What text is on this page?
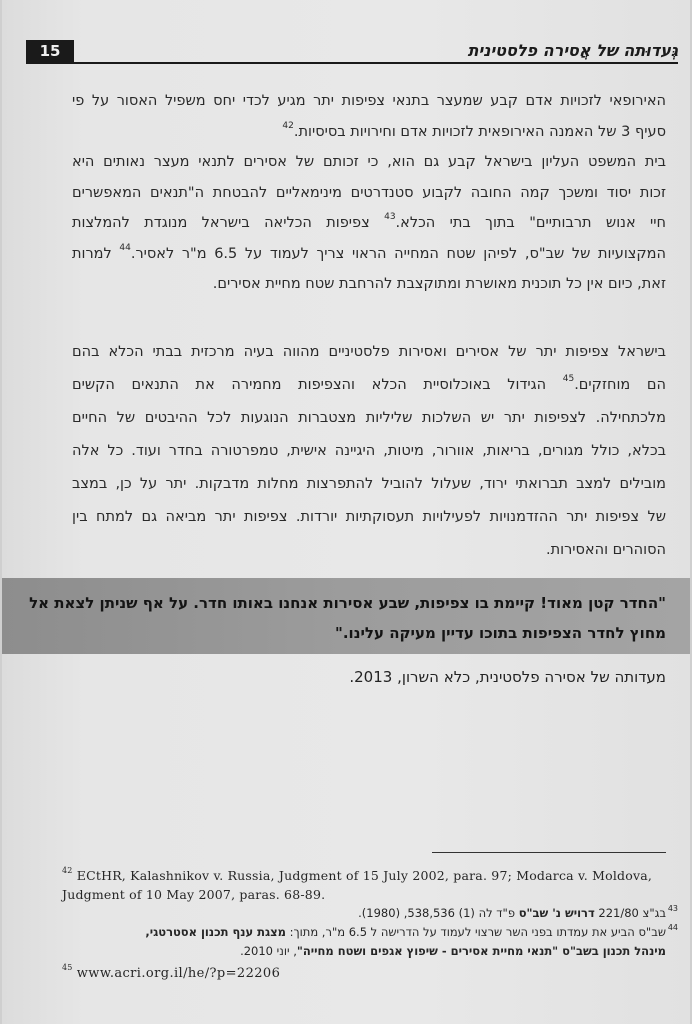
15	גְּעדוּתה של אֲסירה פלסטינית
האירופאי לזכויות אדם קבע שמעצר בתנאי צפיפות יתר מגיע לכדי יחס משפיל האסור על פי
סעיף 3 של האמנה האירופאית לזכויות אדם וחירויות בסיסיות.$^{42}$
בית המשפט העליון בישראל קבע גם הוא, כי זכותם של אסירים לתנאי מעצר נאותים היא
זכות יסוד ומשכך קמה החובה לקבוע סטנדרטים מינימאליים להבטחת ה"תנאים המאפשרים
חיי אנוש תרבותיים" בתוך בתי הכלא.$^{43}$ צפיפות הכליאה בישראל מנוגדת להמלצות
המקצועיות של שב"ס, לפיהן שטח המחייה הראוי צריך לעמוד על 6.5 מ"ר לאסיר.$^{44}$ למרות
זאת, כיום אין כל תוכנית מאושרת ומתוקצבת להרחבת שטח מחיית אסירים.
בישראל צפיפות יתר של אסירים ואסירות פלסטיניים מהווה בעיה מרכזית בבתי הכלא בהם
הם מוחזקים.$^{45}$ הגידול באוכלוסיית הכלא והצפיפות מחמירה את התנאים הקשים
מלכתחילה. לצפיפות יתר יש השלכות שליליות מצטברות הנוגעות לכל ההיבטים של החיים
בכלא, כולל מגורים, בריאות, אוורור, מיטות, היגיינה אישית, טמפרטורה בחדר ועוד. כל אלה
מובילים למצב תברואתי ירוד, שעלול להוביל להתפרצות מחלות מדבקות. יתר על כן, במצב
של צפיפות יתר ההזדמנויות לפעילויות תעסוקתיות יורדות. צפיפות יתר מביאה גם למתח בין
הסוהרים והאסירות.
"החדר קטן מאוד! קיימת בו צפיפות, שבע אסירות אנחנו באותו חדר. על אף שניתן לצאת אל
מחוץ לחדר הצפיפות בתוכו עדיין מעיקה עלינו."
מעדותה של אסירה פלסטינית, כלא השרון, 2013.
$^{42}$ ECtHR, Kalashnikov v. Russia, Judgment of 15 July 2002, para. 97; Modarca v. Moldova,
Judgment of 10 May 2007, paras. 68-89.
43
בג"צ 221/80 דרויש נ' שב"ס פ"ד לה (1) 538,536, (1980).
44
שב"ס הביע את עמדתו בפני השר שרצוי לעמוד על הדרישה ל 6.5 מ"ר, מתוך: מצגת ענף תכנון אסטרטגי,
מינהל תכנון בשב"ס "תנאי מחיית אסירים - שיפוץ אגפים ושטח מחייה", יוני 2010.
$^{45}$ www.acri.org.il/he/?p=22206
